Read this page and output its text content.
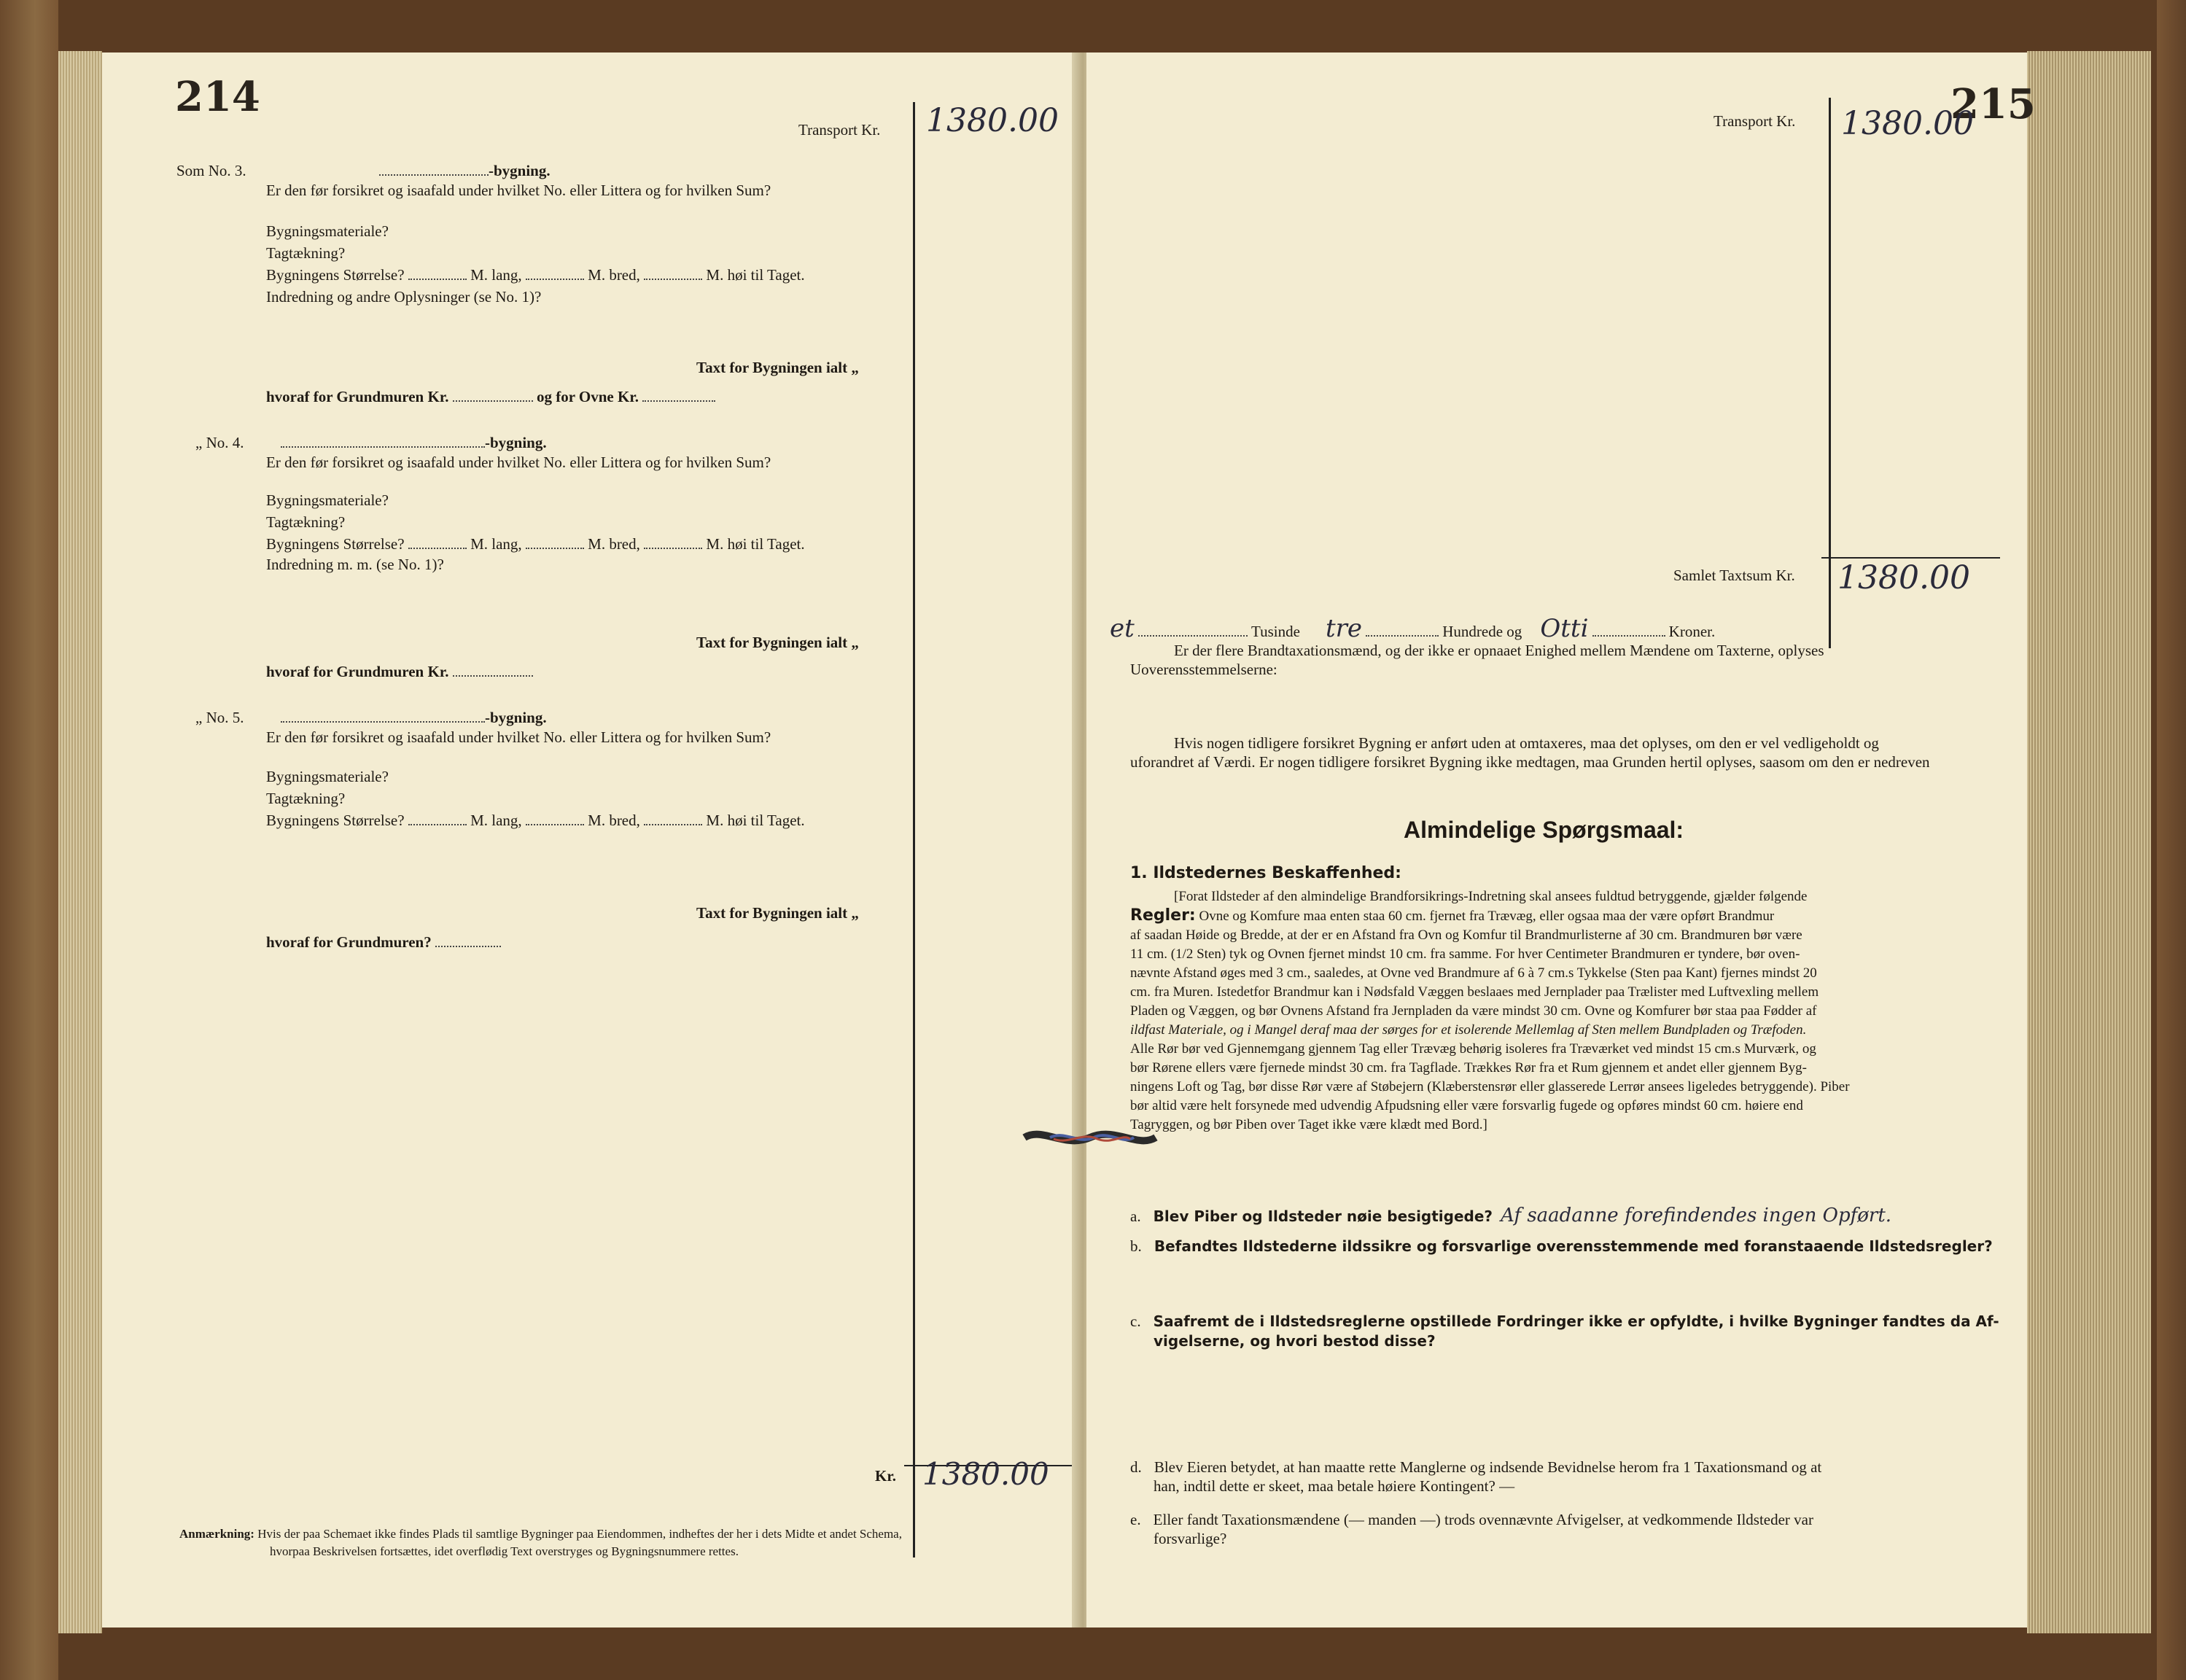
214
Transport Kr. 1380.00
Som No. 3.	-bygning.
Er den før forsikret og isaafald under hvilket No. eller Littera og for hvilken Sum?
Bygningsmateriale?
Tagtækning?
Bygningens Størrelse?	M. lang,	M. bred,	M. høi til Taget.
Indredning og andre Oplysninger (se No. 1)?
Taxt for Bygningen ialt „
hvoraf for Grundmuren Kr.	og for Ovne Kr.
„ No. 4.	-bygning.
Er den før forsikret og isaafald under hvilket No. eller Littera og for hvilken Sum?
Bygningsmateriale?
Tagtækning?
Bygningens Størrelse?	M. lang,	M. bred,	M. høi til Taget.
Indredning m. m. (se No. 1)?
Taxt for Bygningen ialt „
hvoraf for Grundmuren Kr.
„ No. 5.	-bygning.
Er den før forsikret og isaafald under hvilket No. eller Littera og for hvilken Sum?
Bygningsmateriale?
Tagtækning?
Bygningens Størrelse?	M. lang,	M. bred,	M. høi til Taget.
Taxt for Bygningen ialt „
hvoraf for Grundmuren?
Kr. 1380.00
Anmærkning: Hvis der paa Schemaet ikke findes Plads til samtlige Bygninger paa Eiendommen, indheftes der her i dets Midte et andet Schema,
hvorpaa Beskrivelsen fortsættes, idet overflødig Text overstryges og Bygningsnummere rettes.
215
Transport Kr. 1380.00
Samlet Taxtsum Kr. 1380.00
et	Tusinde tre	Hundrede og Otti	Kroner.
Er der flere Brandtaxationsmænd, og der ikke er opnaaet Enighed mellem Mændene om Taxterne, oplyses
Uoverensstemmelserne:
Hvis nogen tidligere forsikret Bygning er anført uden at omtaxeres, maa det oplyses, om den er vel vedligeholdt og
uforandret af Værdi. Er nogen tidligere forsikret Bygning ikke medtagen, maa Grunden hertil oplyses, saasom om den er nedreven
Almindelige Spørgsmaal:
1. Ildstedernes Beskaffenhed:
[Forat Ildsteder af den almindelige Brandforsikrings-Indretning skal ansees fuldtud betryggende, gjælder følgende
Regler: Ovne og Komfure maa enten staa 60 cm. fjernet fra Trævæg, eller ogsaa maa der være opført Brandmur
af saadan Høide og Bredde, at der er en Afstand fra Ovn og Komfur til Brandmurlisterne af 30 cm. Brandmuren bør være
11 cm. (1/2 Sten) tyk og Ovnen fjernet mindst 10 cm. fra samme. For hver Centimeter Brandmuren er tyndere, bør oven-
nævnte Afstand øges med 3 cm., saaledes, at Ovne ved Brandmure af 6 à 7 cm.s Tykkelse (Sten paa Kant) fjernes mindst 20
cm. fra Muren. Istedetfor Brandmur kan i Nødsfald Væggen beslaaes med Jernplader paa Trælister med Luftvexling mellem
Pladen og Væggen, og bør Ovnens Afstand fra Jernpladen da være mindst 30 cm. Ovne og Komfurer bør staa paa Fødder af
ildfast Materiale, og i Mangel deraf maa der sørges for et isolerende Mellemlag af Sten mellem Bundpladen og Træfoden.
Alle Rør bør ved Gjennemgang gjennem Tag eller Trævæg behørig isoleres fra Træværket ved mindst 15 cm.s Murværk, og
bør Rørene ellers være fjernede mindst 30 cm. fra Tagflade. Trækkes Rør fra et Rum gjennem et andet eller gjennem Byg-
ningens Loft og Tag, bør disse Rør være af Støbejern (Klæberstensrør eller glasserede Lerrør ansees ligeledes betryggende). Piber
bør altid være helt forsynede med udvendig Afpudsning eller være forsvarlig fugede og opføres mindst 60 cm. høiere end
Tagryggen, og bør Piben over Taget ikke være klædt med Bord.]
a. Blev Piber og Ildsteder nøie besigtigede? Af saadanne forefindendes ingen Opført.
b. Befandtes Ildstederne ildssikre og forsvarlige overensstemmende med foranstaaende Ildstedsregler?
c. Saafremt de i Ildstedsreglerne opstillede Fordringer ikke er opfyldte, i hvilke Bygninger fandtes da Af-
vigelserne, og hvori bestod disse?
d. Blev Eieren betydet, at han maatte rette Manglerne og indsende Bevidnelse herom fra 1 Taxationsmand og at
han, indtil dette er skeet, maa betale høiere Kontingent? —
e. Eller fandt Taxationsmændene (— manden —) trods ovennævnte Afvigelser, at vedkommende Ildsteder var
forsvarlige?
